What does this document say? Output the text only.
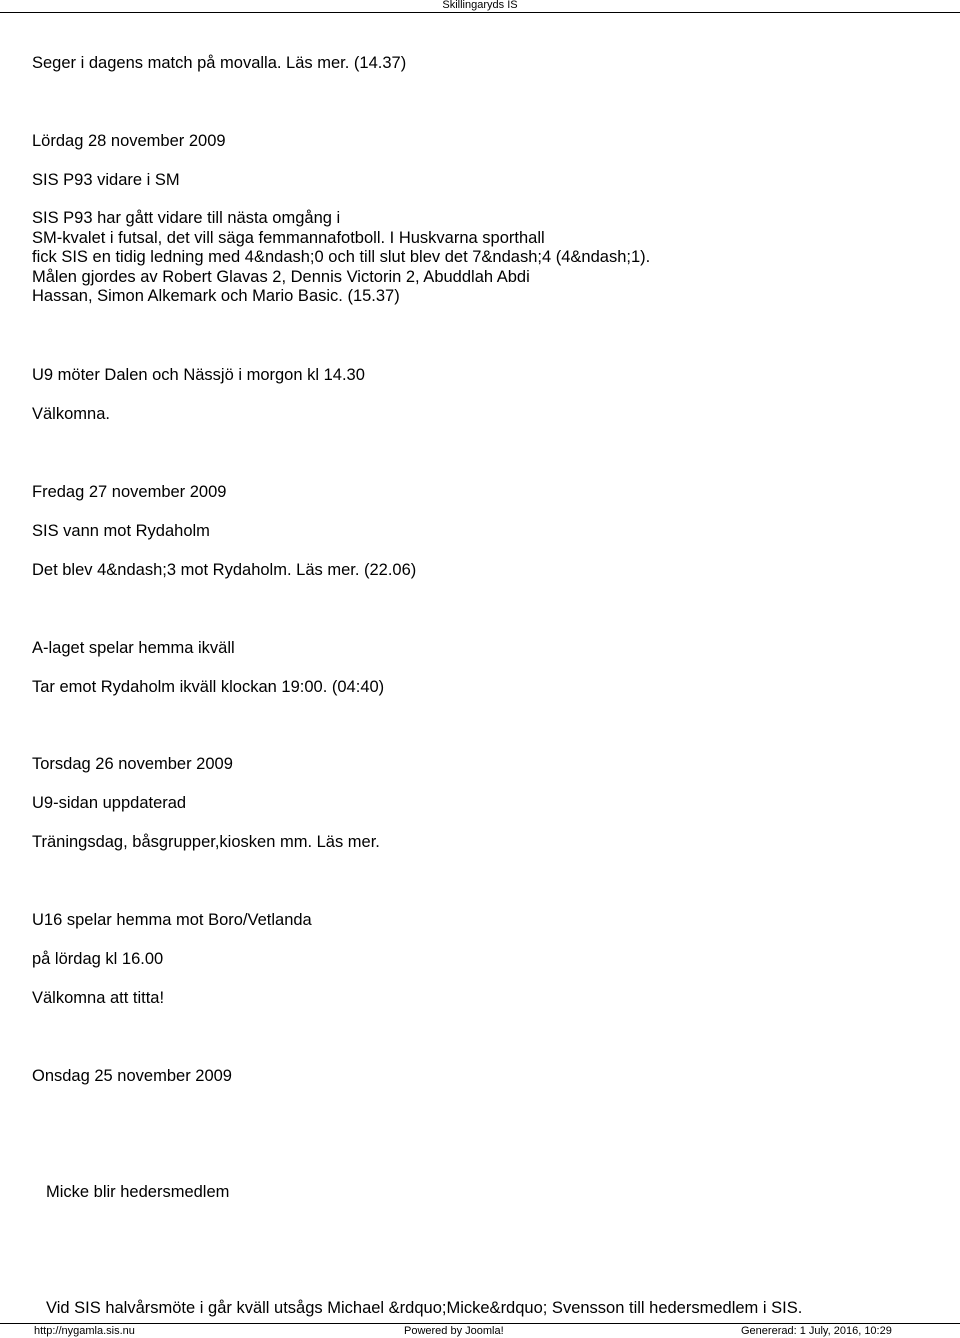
Skillingaryds IS
Seger i dagens match på movalla. Läs mer. (14.37)
Lördag 28 november 2009
SIS P93 vidare i SM
SIS P93 har gått vidare till nästa omgång i
SM-kvalet i futsal, det vill säga femmannafotboll. I Huskvarna sporthall
fick SIS en tidig ledning med 4&ndash;0 och till slut blev det 7&ndash;4 (4&ndash;1).
Målen gjordes av Robert Glavas 2, Dennis Victorin 2, Abuddlah Abdi
Hassan, Simon Alkemark och Mario Basic. (15.37)
U9 möter Dalen och Nässjö i morgon kl 14.30
Välkomna.
Fredag 27 november 2009
SIS vann mot Rydaholm
Det blev 4&ndash;3 mot Rydaholm. Läs mer. (22.06)
A-laget spelar hemma ikväll
Tar emot Rydaholm ikväll klockan 19:00. (04:40)
Torsdag 26 november 2009
U9-sidan uppdaterad
Träningsdag, båsgrupper,kiosken mm. Läs mer.
U16 spelar hemma mot Boro/Vetlanda
på lördag kl 16.00
Välkomna att titta!
Onsdag 25 november 2009
Micke blir hedersmedlem
Vid SIS halvårsmöte i går kväll utsågs Michael &rdquo;Micke&rdquo; Svensson till hedersmedlem i SIS.
http://nygamla.sis.nu	Powered by Joomla!	Genererad: 1 July, 2016, 10:29
